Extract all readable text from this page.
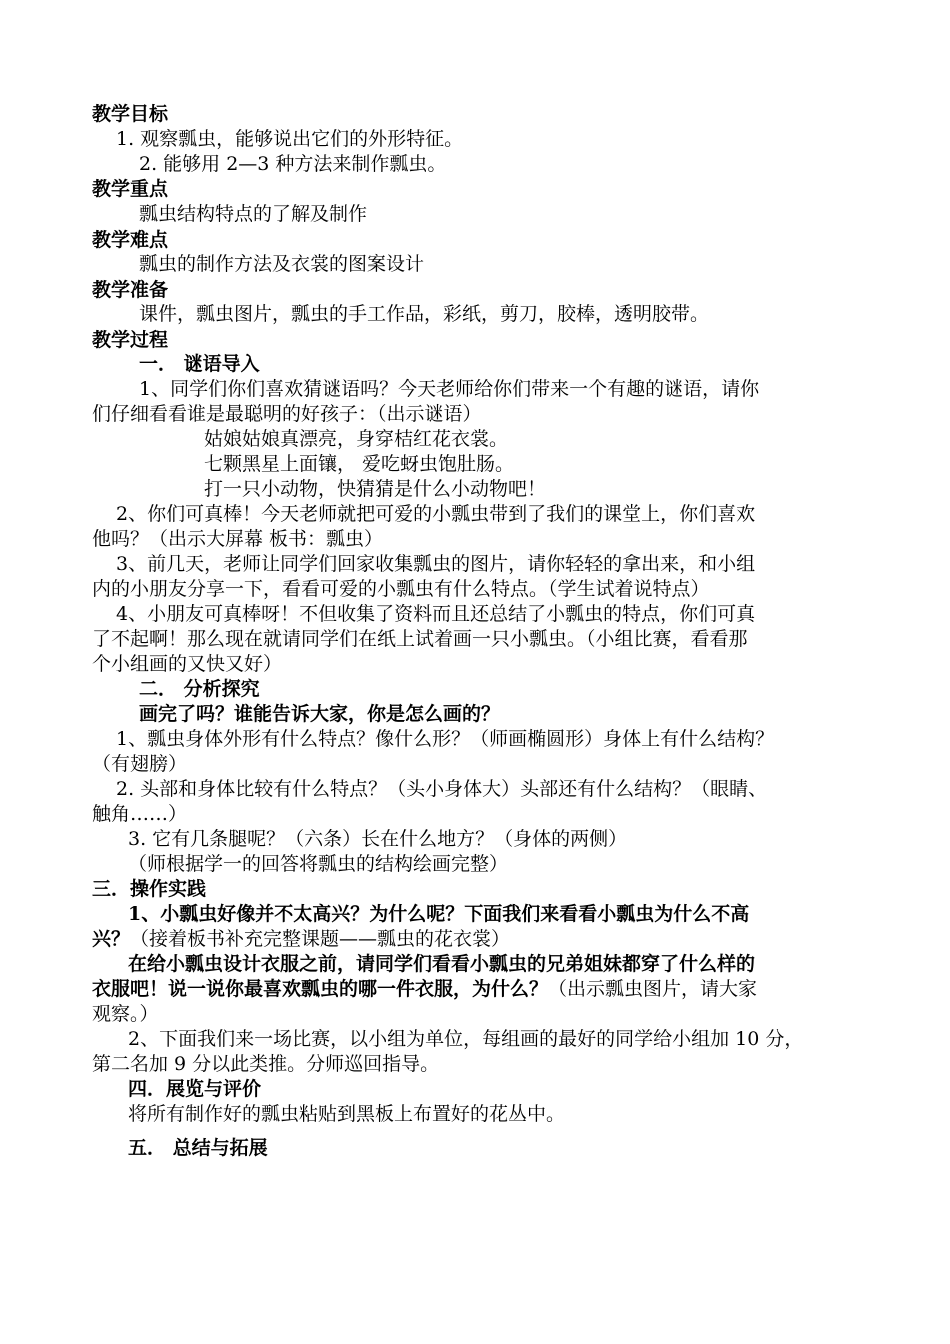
教学目标
1. 观察瓢虫，能够说出它们的外形特征。
2. 能够用 2—3 种方法来制作瓢虫。
教学重点
瓢虫结构特点的了解及制作
教学难点
瓢虫的制作方法及衣裳的图案设计
教学准备
课件，瓢虫图片，瓢虫的手工作品，彩纸，剪刀，胶棒，透明胶带。
教学过程
一． 谜语导入
1、同学们你们喜欢猜谜语吗？今天老师给你们带来一个有趣的谜语，请你
们仔细看看谁是最聪明的好孩子：（出示谜语）
姑娘姑娘真漂亮，身穿桔红花衣裳。
七颗黑星上面镶， 爱吃蚜虫饱肚肠。
打一只小动物，快猜猜是什么小动物吧！
2、你们可真棒！今天老师就把可爱的小瓢虫带到了我们的课堂上，你们喜欢
他吗？（出示大屏幕 板书：瓢虫）
3、前几天，老师让同学们回家收集瓢虫的图片，请你轻轻的拿出来，和小组
内的小朋友分享一下，看看可爱的小瓢虫有什么特点。（学生试着说特点）
4、小朋友可真棒呀！不但收集了资料而且还总结了小瓢虫的特点，你们可真
了不起啊！那么现在就请同学们在纸上试着画一只小瓢虫。（小组比赛，看看那
个小组画的又快又好）
二． 分析探究
画完了吗？谁能告诉大家，你是怎么画的？
1、瓢虫身体外形有什么特点？像什么形？（师画椭圆形）身体上有什么结构？
（有翅膀）
2. 头部和身体比较有什么特点？（头小身体大）头部还有什么结构？（眼睛、
触角……）
3. 它有几条腿呢？（六条）长在什么地方？（身体的两侧）
（师根据学一的回答将瓢虫的结构绘画完整）
三．操作实践
1、小瓢虫好像并不太高兴？为什么呢？下面我们来看看小瓢虫为什么不高
兴？（接着板书补充完整课题——瓢虫的花衣裳）
在给小瓢虫设计衣服之前，请同学们看看小瓢虫的兄弟姐妹都穿了什么样的
衣服吧！说一说你最喜欢瓢虫的哪一件衣服，为什么？（出示瓢虫图片，请大家
观察。）
2、下面我们来一场比赛，以小组为单位，每组画的最好的同学给小组加 10 分，
第二名加 9 分以此类推。分师巡回指导。
四．展览与评价
将所有制作好的瓢虫粘贴到黑板上布置好的花丛中。
五． 总结与拓展
